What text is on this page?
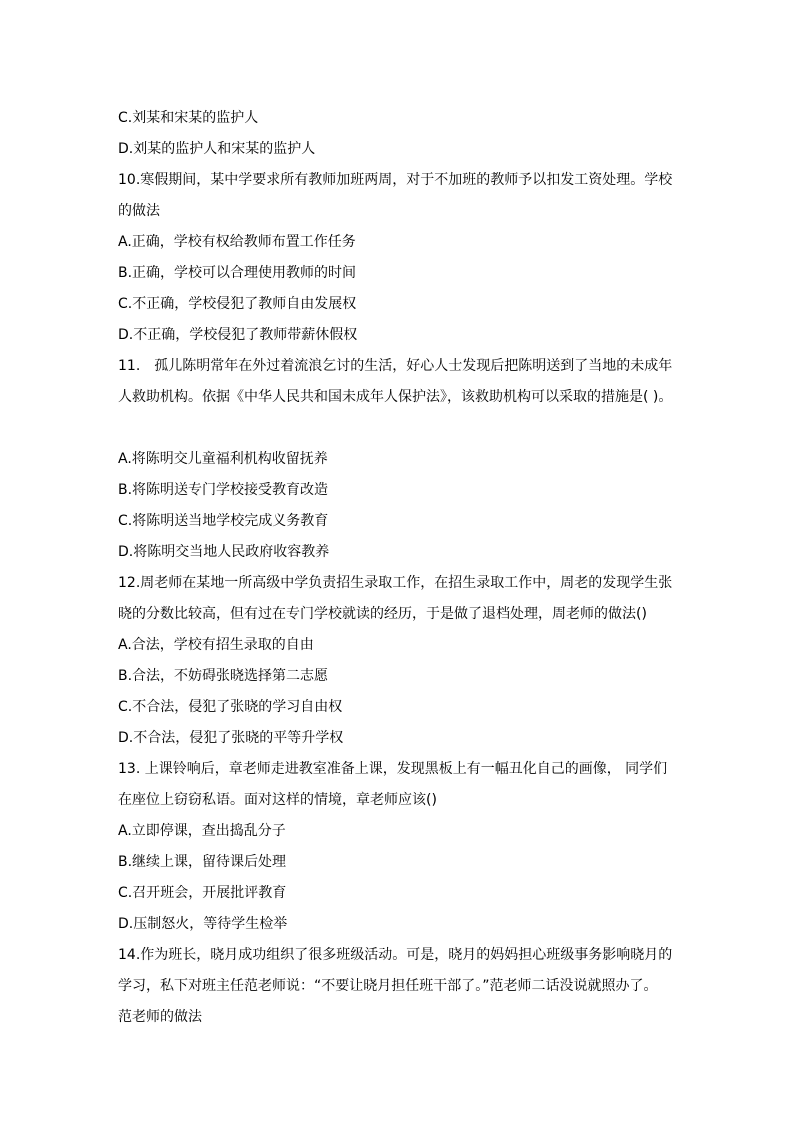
C.刘某和宋某的监护人
D.刘某的监护人和宋某的监护人
10.寒假期间，某中学要求所有教师加班两周，对于不加班的教师予以扣发工资处理。学校
的做法
A.正确，学校有权给教师布置工作任务
B.正确，学校可以合理使用教师的时间
C.不正确，学校侵犯了教师自由发展权
D.不正确，学校侵犯了教师带薪休假权
11.　孤儿陈明常年在外过着流浪乞讨的生活，好心人士发现后把陈明送到了当地的未成年
人救助机构。依据《中华人民共和国未成年人保护法》，该救助机构可以采取的措施是( )。
A.将陈明交儿童福利机构收留抚养
B.将陈明送专门学校接受教育改造
C.将陈明送当地学校完成义务教育
D.将陈明交当地人民政府收容教养
12.周老师在某地一所高级中学负责招生录取工作，在招生录取工作中，周老的发现学生张
晓的分数比较高，但有过在专门学校就读的经历，于是做了退档处理，周老师的做法()
A.合法，学校有招生录取的自由
B.合法，不妨碍张晓选择第二志愿
C.不合法，侵犯了张晓的学习自由权
D.不合法，侵犯了张晓的平等升学权
13. 上课铃响后，章老师走进教室准备上课，发现黑板上有一幅丑化自己的画像， 同学们
在座位上窃窃私语。面对这样的情境，章老师应该()
A.立即停课，查出捣乱分子
B.继续上课，留待课后处理
C.召开班会，开展批评教育
D.压制怒火，等待学生检举
14.作为班长，晓月成功组织了很多班级活动。可是，晓月的妈妈担心班级事务影响晓月的
学习，私下对班主任范老师说：“不要让晓月担任班干部了。”范老师二话没说就照办了。
范老师的做法
